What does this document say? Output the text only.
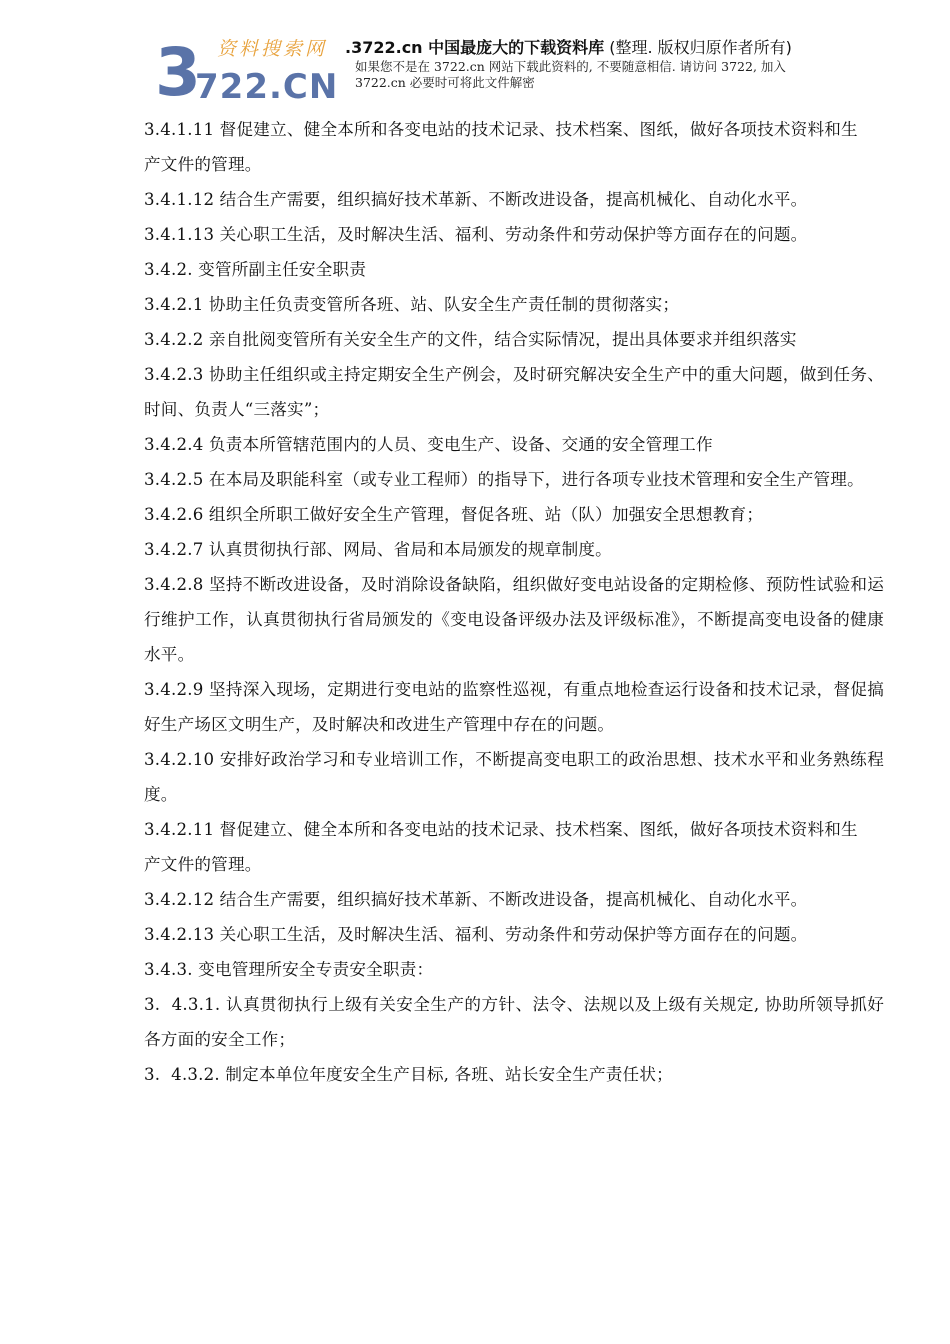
3
722.CN
资料搜索网 .3722.cn 中国最庞大的下载资料库 (整理. 版权归原作者所有)
如果您不是在 3722.cn 网站下载此资料的, 不要随意相信. 请访问 3722, 加入 3722.cn 必要时可将此文件解密

3.4.1.11 督促建立、健全本所和各变电站的技术记录、技术档案、图纸，做好各项技术资料和生

产文件的管理。

3.4.1.12 结合生产需要，组织搞好技术革新、不断改进设备，提高机械化、自动化水平。

3.4.1.13 关心职工生活，及时解决生活、福利、劳动条件和劳动保护等方面存在的问题。

3.4.2. 变管所副主任安全职责

3.4.2.1 协助主任负责变管所各班、站、队安全生产责任制的贯彻落实；

3.4.2.2 亲自批阅变管所有关安全生产的文件，结合实际情况，提出具体要求并组织落实

3.4.2.3 协助主任组织或主持定期安全生产例会，及时研究解决安全生产中的重大问题，做到任务、时间、负责人“三落实”；

3.4.2.4 负责本所管辖范围内的人员、变电生产、设备、交通的安全管理工作

3.4.2.5 在本局及职能科室（或专业工程师）的指导下，进行各项专业技术管理和安全生产管理。

3.4.2.6 组织全所职工做好安全生产管理，督促各班、站（队）加强安全思想教育；

3.4.2.7 认真贯彻执行部、网局、省局和本局颁发的规章制度。

3.4.2.8 坚持不断改进设备，及时消除设备缺陷，组织做好变电站设备的定期检修、预防性试验和运行维护工作，认真贯彻执行省局颁发的《变电设备评级办法及评级标准》，不断提高变电设备的健康水平。

3.4.2.9 坚持深入现场，定期进行变电站的监察性巡视，有重点地检查运行设备和技术记录，督促搞好生产场区文明生产，及时解决和改进生产管理中存在的问题。

3.4.2.10 安排好政治学习和专业培训工作，不断提高变电职工的政治思想、技术水平和业务熟练程度。

3.4.2.11 督促建立、健全本所和各变电站的技术记录、技术档案、图纸，做好各项技术资料和生

产文件的管理。

3.4.2.12 结合生产需要，组织搞好技术革新、不断改进设备，提高机械化、自动化水平。

3.4.2.13 关心职工生活，及时解决生活、福利、劳动条件和劳动保护等方面存在的问题。

3.4.3. 变电管理所安全专责安全职责：

3.  4.3.1. 认真贯彻执行上级有关安全生产的方针、法令、法规以及上级有关规定, 协助所领导抓好各方面的安全工作；

3.  4.3.2. 制定本单位年度安全生产目标, 各班、站长安全生产责任状；
